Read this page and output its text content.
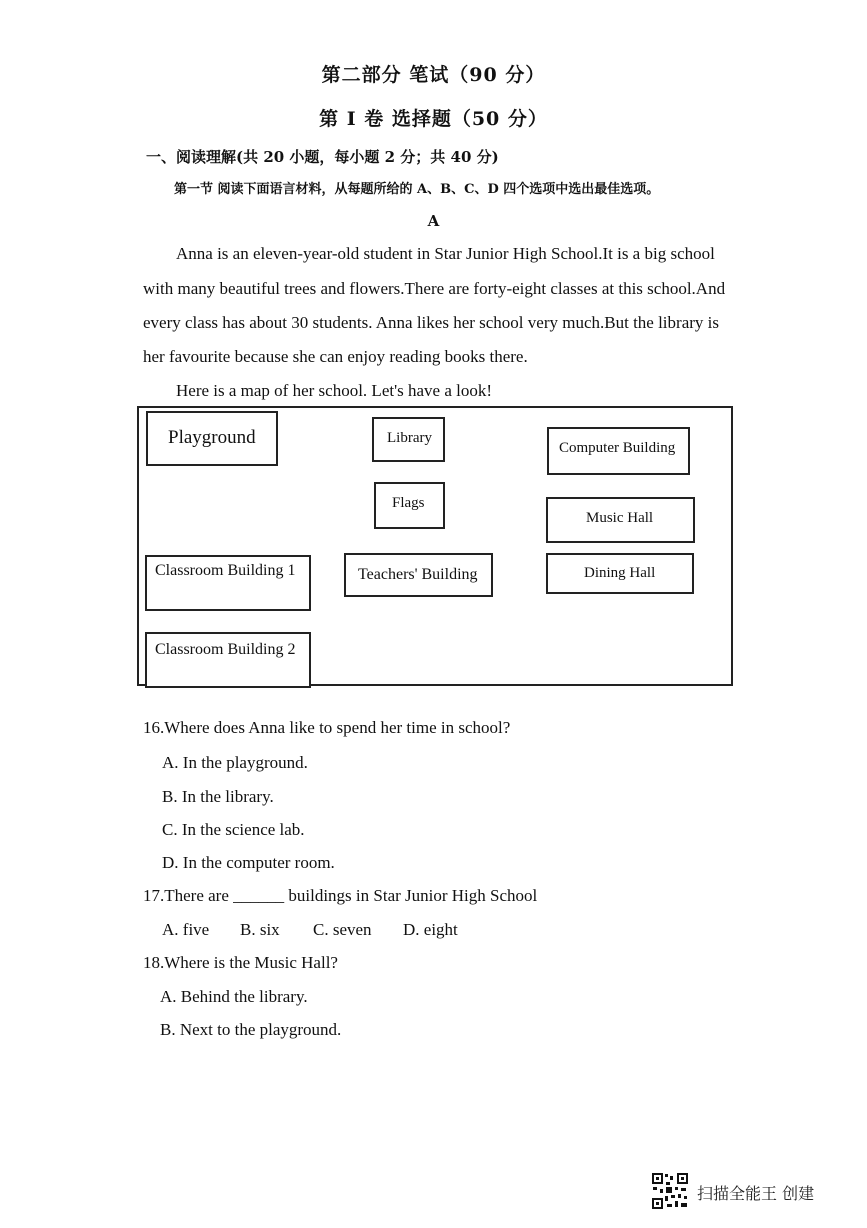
第二部分 笔试（90 分）
第 I 卷 选择题（50 分）
一、阅读理解(共 20 小题，每小题 2 分；共 40 分)
第一节 阅读下面语言材料，从每题所给的 A、B、C、D 四个选项中选出最佳选项。
A
Anna is an eleven-year-old student in Star Junior High School.It is a big school
with many beautiful trees and flowers.There are forty-eight classes at this school.And
every class has about 30 students. Anna likes her school very much.But the library is
her favourite because she can enjoy reading books there.
Here is a map of her school. Let's have a look!
Playground	Library
Computer Building
Flags
Music Hall
Classroom Building 1	Teachers' Building	Dining Hall
Classroom Building 2
16.Where does Anna like to spend her time in school?
A. In the playground.
B. In the library.
C. In the science lab.
D. In the computer room.
17.There are ______ buildings in Star Junior High School
A. five B. six C. seven D. eight
18.Where is the Music Hall?
A. Behind the library.
B. Next to the playground.
扫描全能王 创建
